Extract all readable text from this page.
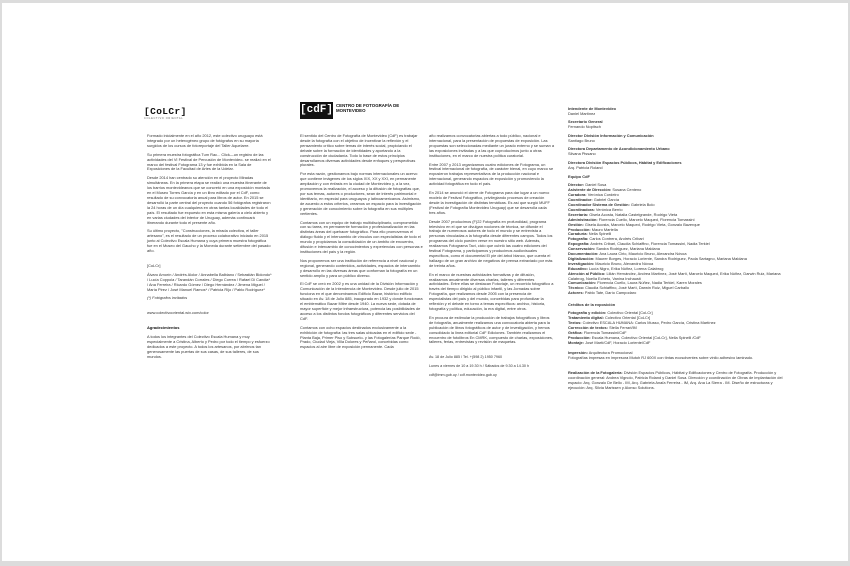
[CoLCr]
COLECTIVO ORIENTAL

Formado inicialmente en el año 2012, este colectivo uruguayo está integrado por un heterogéneo grupo de fotógrafos en su mayoría surgidos de los cursos de fotoreportaje del Taller Aquelarre.

Su primera muestra fotográfica Tum Rac... Click—un registro de las actividades del VI Festival de Percusión de Montevideo- se realizó en el marco del festival Fotograma 13 y fue exhibida en la Sala de Exposiciones de la Facultad de Artes de la Udelar.

Desde 2014 han centrado su atención en el proyecto Miradas simultáneas. En la primera etapa se realizó una muestra itinerante de los barrios montevideanos que se concretó en una exposición montada en el Museo Torres García y en un libro editado por el CdF, como resultado de su convocatoria anual para libros de autor. En 2015 se desarrolló la parte central del proyecto cuando 56 fotógrafos registraron la 24 horas de un día cualquiera en otras tantas localidades de todo el país. El resultado fue expuesto en esta misma galería a cielo abierto y en varias ciudades del interior de Uruguay, además continuará itinerando durante todo el presente año.

Su último proyecto, "Construcciones, la mirada colectiva, el taller artesano", es el resultado de un proceso colaborativo iniciado en 2015 junto al Colectivo Escala Humana y cuya primera muestra fotográfica fue en el Museo del Gaucho y la Moneda durante setiembre del pasado año.

[CoLCr]

Álvaro Amorín / Andrés Alolor / Annabella Balbiano / Sebastián Bidondo* / Lucía Coppola / Tarandán Corrales / Diego Correa / Rafael Di Candia* / Ana Ferreira / Ricardo Gómez / Diego Hernández / Jimena Miguel / María Pirez / José Manuel Ramos* / Patricia Rijo / Pablo Rodríguez*

(*) Fotógrafos invitados

www.colectivooriental.wix.com/color

Agradecimientos

A todos los integrantes del Colectivo Escala Humana y muy especialmente a Cristina, Alberto y Pedro por todo el tiempo y esfuerzo dedicados a este proyecto. A todos los artesanos, por abrirnos tan generosamente las puertas de sus casas, de sus talleres, de sus mundos.

[cdF] CENTRO DE FOTOGRAFÍA DE MONTEVIDEO

El sentido del Centro de Fotografía de Montevideo (CdF) es trabajar desde la fotografía con el objetivo de incentivar la reflexión y el pensamiento crítico sobre temas de interés social, propiciando el debate sobre la formación de identidades y aportando a la construcción de ciudadanía. Todo lo base de estos principios desarrollamos diversas actividades desde enfoques y perspectivas plurales.

Por esta razón, gestionamos bajo normas internacionales un acervo que contiene imágenes de los siglos XIX, XX y XXI, en permanente ampliación y con énfasis en la ciudad de Montevideo y, a la vez, promovemos la realización, el acceso y la difusión de fotografías que, por sus temas, autores o productores, sean de interés patrimonial e identitario, en especial para uruguayos y latinoamericanos. Asimismo, de acuerdo a estos criterios, creamos un espacio para la investigación y generación de conocimiento sobre la fotografía en sus múltiples vertientes.

Contamos con un equipo de trabajo multidisciplinario, comprometido con su tarea, en permanente formación y profesionalización en las distintas áreas del quehacer fotográfico. Para ello promovemos el diálogo fluido y el intercambio de vínculos con especialistas de todo el mundo y propiciamos la consolidación de un ámbito de encuentro, difusión e intercambio de conocimientos y experiencias con personas e instituciones del país y la región.

Nos proponemos ser una institución de referencia a nivel nacional y regional, generando contenidos, actividades, espacios de intercambio y desarrollo en las diversas áreas que conforman la fotografía en un sentido amplio y para un público diverso.

El CdF se creó en 2002 y es una unidad de la División Información y Comunicación de la Intendencia de Montevideo. Desde julio de 2015 funciona en el que denominamos Edificio Bazar, histórico edificio situado en Av. 18 de Julio 885, inaugurado en 1932 y donde funcionara el emblemático Bazar Mitre desde 1940. La nueva sede, dotada de mayor superficie y mejor infraestructura, potencia las posibilidades de acceso a los distintos fondos fotográficos y diferentes servicios del CdF.

Contamos con ocho espacios destinados exclusivamente a la exhibición de fotografía: las tres salas ubicadas en el edificio sede -Planta Baja, Primer Piso y Subsuelo- y las Fotogalerías Parque Rodó, Prado, Ciudad Vieja, Villa Dolores y Peñarol, concebidas como espacios al aire libre de exposición permanente. Cada

año realizamos convocatorias abiertas a todo público, nacional e internacional, para la presentación de propuestas de exposición. Las propuestas son seleccionadas mediante un jurado externo y se suman a las exposiciones invitadas y a las que coproducimos junto a otras instituciones, en el marco de nuestra política curatorial.

Entre 2007 y 2013 organizamos cuatro ediciones de Fotograma, un festival internacional de fotografía, de carácter bienal, en cuyo marco se expusieron trabajos representativos de la producción nacional e internacional, generando espacios de exposición y promoviendo la actividad fotográfica en todo el país.

En 2014 se anunció el cierre de Fotograma para dar lugar a un nuevo modelo de Festival Fotográfico, privilegiando procesos de creación desde la investigación de distintas temáticas. Es así que surgió MUFF (Festival de Fotografía Montevideo Uruguay) que se desarrolla cada tres años.

Desde 2007 producimos (F)22 Fotografía en profundidad, programa televisivo en el que se divulgan nociones de técnica, se difunde el trabajo de numerosos autores de todo el mundo y se entrevista a personas vinculadas a la fotografía desde diferentes campos. Todos los programas del ciclo pueden verse en nuestro sitio web. Además, realizamos Fotograma Tavi, ciclo que cubrió las cuatro ediciones del festival Fotograma, y participamos y producimos audiovisuales específicos, como el documental El pie del árbol blanco, que cuenta el hallazgo de un gran archivo de negativos de prensa extraviado por más de treinta años.

En el marco de nuestras actividades formativas y de difusión, realizamos anualmente diversas charlas, talleres y diferentes actividades. Entre ellas se destacan Fotoviaje, un recorrido fotográfico a través del tiempo dirigido al público infantil, y las Jornadas sobre Fotografía, que realizamos desde 2005 con la presencia de especialistas del país y del mundo, concebidas para profundizar la reflexión y el debate en torno a temas específicos: archivo, historia, fotografía y política, educación, la era digital, entre otros.

En procura de estimular la producción de trabajos fotográficos y libros de fotografía, anualmente realizamos una convocatoria abierta para la publicación de libros fotográficos de autor y de investigación, y hemos consolidado la línea editorial CdF Ediciones. También realizamos el encuentro de fotolibros En CMRK, compuesto de charlas, exposiciones, talleres, ferias, entrevistas y revisión de maquetas.

Av. 18 de Julio 885 / Tel. +(598 2) 1950 7960

Lunes a viernes de 10 a 19.30 h / Sábados de 9.30 a 14.30 h

cdf@imm.gub.uy / cdf.montevideo.gub.uy

Intendente de Montevideo
Daniel Martínez
Secretario General
Fernando Nopitsch
Director División Información y Comunicación
Santiago Bruno
Directora Departamento de Acondicionamiento Urbano
Silvana Pissano
Directora División Espacios Públicos, Hábitat y Edificaciones
Arq. Patricia Roland
Equipo CdF
Director: Daniel Sosa
Asistente de Dirección: Susana Centeno
Curadora: Verónica Cordeiro
Coordinador: Gabriel García
Coordinador Sistema de Gestión: Gabriela Bolo
Coordinadora: Verónica Berrio
Secretaría: Gisela Acosta, Natalia Castelgrande, Rodrigo Vieta
Administración: Florencia Cuello, Marcelo Maqued, Florencia Tomassini
Gestión: Gisela Acosta, Marcelo Maqued, Rodrigo Vieta, Gonzalo Bazerque
Producción: Mauro Martella
Curaduría: Nella Spinelli
Fotografía: Carlos Contrera, Andrés Cribari
Expografía: Andrés Cribari, Claudia Schiaffino, Florencia Tomassini, Nadia Terkiel
Conservación: Sandra Rodríguez, Mariana Maldana
Documentación: Ana Laura Cirio, Mauricio Bruno, Alexandra Nóvoa
Digitalización: Maurer Borges, Horacio Loriente, Sandra Rodríguez, Paola Sartagno, Mariana Maldana
Investigación: Mauricio Bruno, Alexandra Nóvoa
Educativo: Lucía Nigro, Erika Núñez, Lorena Calabrog
Atención al Público: Lilián Hernández, Andrea Martínez, José Martí, Marcelo Maqued, Erika Núñez, Darwin Ruiz, Mariana Calabrog, Noelia Echeto, Vanina Inchaustí
Comunicación: Florencia Cuello, Laura Núñez, Nadia Terkiel, Karen Morales
Técnico: Claudia Schiaffino, José Martí, Darwin Ruiz, Miguel Carballo
Actores: Pablo Tate, Darío Campodaro
Créditos de la exposición
Fotografía y edición: Colectivo Oriental [CoLCr]
Tratamiento digital: Colectivo Oriental [CoLCr]
Textos: Colectivo ESCALA HUMANA: Carlos Musso, Pedro García, Cristina Martínez
Corrección de textos: Stella Ferrari/IM
Gráfica: Florencia Tomassini/CdF
Producción: Escala Humana, Colectivo Oriental [CoLCr], Nella Spinelli /CdF
Montaje: José Martí/CdF, Horacio Loriente/CdF
Impresión: Arquitectura Promocional
Fotografías impresas en impresora Mutoh RJ 600X con tintas ecosolventes sobre vinilo adhesivo laminado.
Realización de la Fotogalería: División Espacios Públicos, Hábitat y Edificaciones y Centro de Fotografía. Producción y coordinación general: Andrea Vignolo, Patricia Roland y Daniel Sosa. Dirección y coordinación de Obras de implantación del espacio: Arq. Gonzalo De Bello - IM, Arq. Gabriela Anaïa Ferreira - IM, Arq. Ana La Sierra - IM. Diseño de estructuras y ejecución: Arq. Silvia Marissen y Alonso Solutions.
